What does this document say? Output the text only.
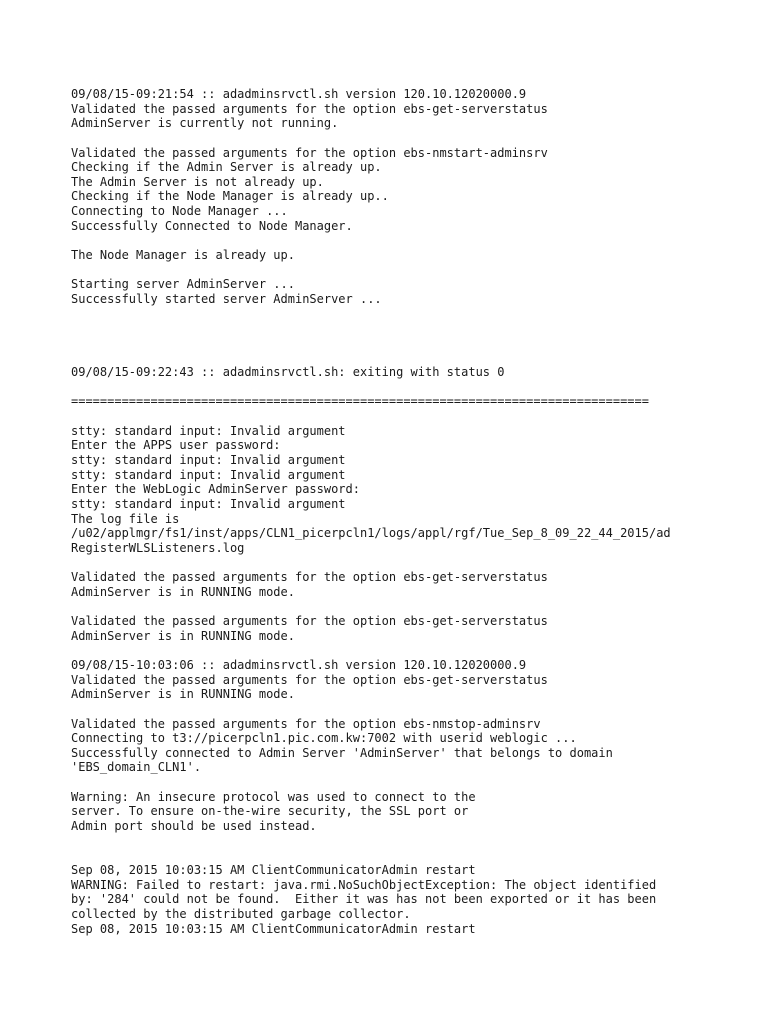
09/08/15-09:21:54 :: adadminsrvctl.sh version 120.10.12020000.9
Validated the passed arguments for the option ebs-get-serverstatus
AdminServer is currently not running.
Validated the passed arguments for the option ebs-nmstart-adminsrv
Checking if the Admin Server is already up.
The Admin Server is not already up.
Checking if the Node Manager is already up..
Connecting to Node Manager ...
Successfully Connected to Node Manager.
The Node Manager is already up.
Starting server AdminServer ...
Successfully started server AdminServer ...
09/08/15-09:22:43 :: adadminsrvctl.sh: exiting with status 0
================================================================================
stty: standard input: Invalid argument
Enter the APPS user password:
stty: standard input: Invalid argument
stty: standard input: Invalid argument
Enter the WebLogic AdminServer password:
stty: standard input: Invalid argument
The log file is
/u02/applmgr/fs1/inst/apps/CLN1_picerpcln1/logs/appl/rgf/Tue_Sep_8_09_22_44_2015/ad
RegisterWLSListeners.log
Validated the passed arguments for the option ebs-get-serverstatus
AdminServer is in RUNNING mode.
Validated the passed arguments for the option ebs-get-serverstatus
AdminServer is in RUNNING mode.
09/08/15-10:03:06 :: adadminsrvctl.sh version 120.10.12020000.9
Validated the passed arguments for the option ebs-get-serverstatus
AdminServer is in RUNNING mode.
Validated the passed arguments for the option ebs-nmstop-adminsrv
Connecting to t3://picerpcln1.pic.com.kw:7002 with userid weblogic ...
Successfully connected to Admin Server 'AdminServer' that belongs to domain
'EBS_domain_CLN1'.
Warning: An insecure protocol was used to connect to the
server. To ensure on-the-wire security, the SSL port or
Admin port should be used instead.
Sep 08, 2015 10:03:15 AM ClientCommunicatorAdmin restart
WARNING: Failed to restart: java.rmi.NoSuchObjectException: The object identified
by: '284' could not be found.  Either it was has not been exported or it has been
collected by the distributed garbage collector.
Sep 08, 2015 10:03:15 AM ClientCommunicatorAdmin restart
